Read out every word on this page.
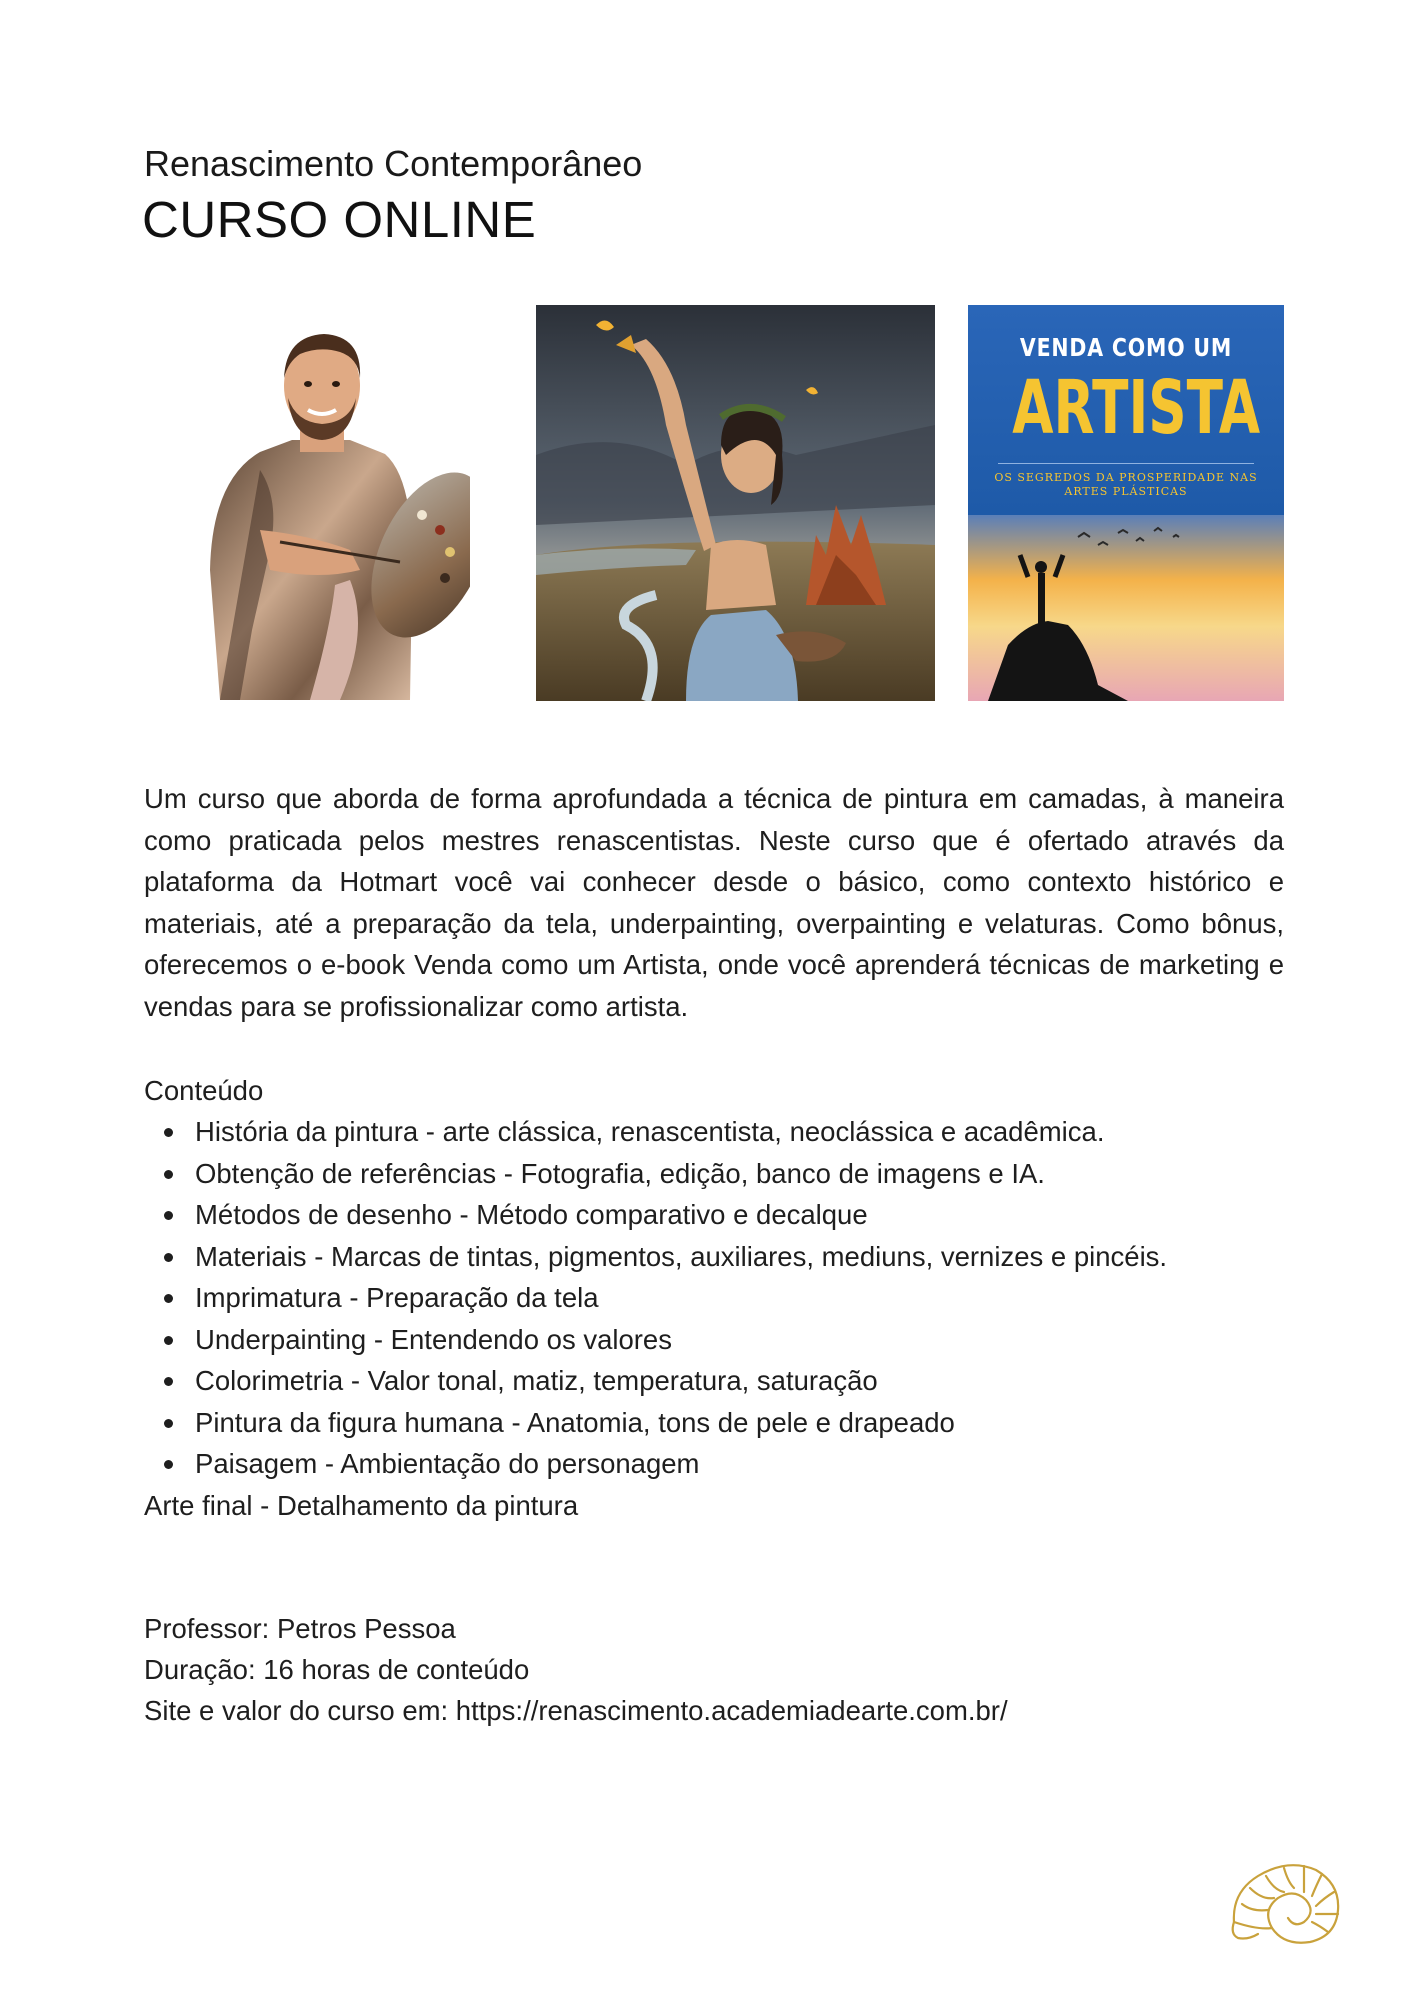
Renascimento Contemporâneo
CURSO ONLINE
VENDA COMO UM
ARTISTA
OS SEGREDOS DA PROSPERIDADE NAS ARTES PLÁSTICAS
Um curso que aborda de forma aprofundada a técnica de pintura em camadas, à maneira como praticada pelos mestres renascentistas. Neste curso que é ofertado através da plataforma da Hotmart você vai conhecer desde o básico, como contexto histórico e materiais, até a preparação da tela, underpainting, overpainting e velaturas. Como bônus, oferecemos o e-book Venda como um Artista, onde você aprenderá técnicas de marketing e vendas para se profissionalizar como artista.
Conteúdo
História da pintura - arte clássica, renascentista, neoclássica e acadêmica.
Obtenção de referências - Fotografia, edição, banco de imagens e IA.
Métodos de desenho - Método comparativo e decalque
Materiais - Marcas de tintas, pigmentos, auxiliares, mediuns, vernizes e pincéis.
Imprimatura - Preparação da tela
Underpainting - Entendendo os valores
Colorimetria - Valor tonal, matiz, temperatura, saturação
Pintura da figura humana - Anatomia, tons de pele e drapeado
Paisagem - Ambientação do personagem
Arte final - Detalhamento da pintura
Professor: Petros Pessoa
Duração: 16 horas de conteúdo
Site e valor do curso em: https://renascimento.academiadearte.com.br/
